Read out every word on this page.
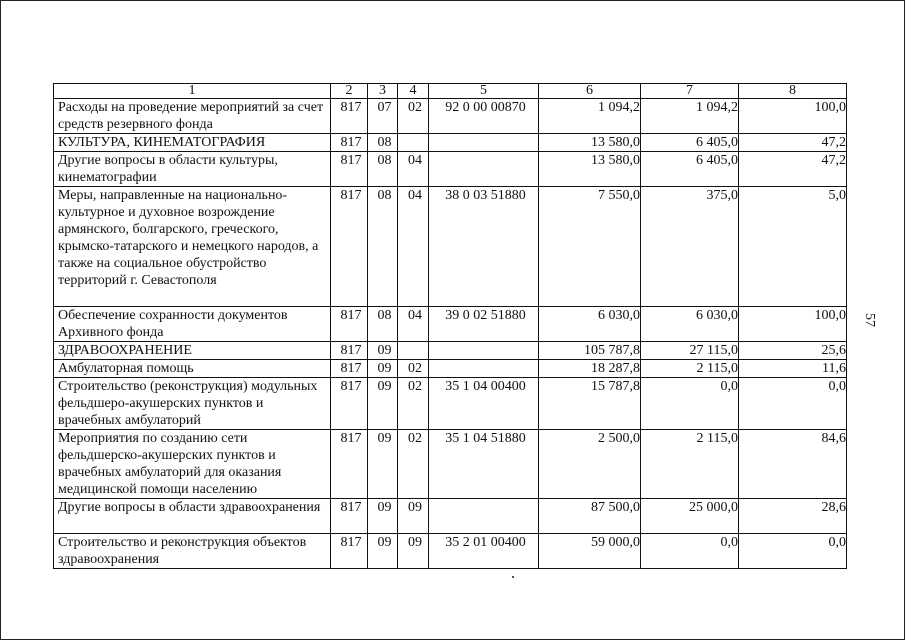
1	2	3	4	5	6	7	8
Расходы на проведение мероприятий за счет средств резервного фонда	817	07	02	92 0 00 00870	1 094,2	1 094,2	100,0
КУЛЬТУРА, КИНЕМАТОГРАФИЯ	817	08			13 580,0	6 405,0	47,2
Другие вопросы в области культуры, кинематографии	817	08	04		13 580,0	6 405,0	47,2
Меры, направленные на национально-культурное и духовное возрождение армянского, болгарского, греческого, крымско-татарского и немецкого народов, а также на социальное обустройство территорий г. Севастополя	817	08	04	38 0 03 51880	7 550,0	375,0	5,0
Обеспечение сохранности документов Архивного фонда	817	08	04	39 0 02 51880	6 030,0	6 030,0	100,0
ЗДРАВООХРАНЕНИЕ	817	09			105 787,8	27 115,0	25,6
Амбулаторная помощь	817	09	02		18 287,8	2 115,0	11,6
Строительство (реконструкция) модульных фельдшеро-акушерских пунктов и врачебных амбулаторий	817	09	02	35 1 04 00400	15 787,8	0,0	0,0
Мероприятия по созданию сети фельдшерско-акушерских пунктов и врачебных амбулаторий для оказания медицинской помощи населению	817	09	02	35 1 04 51880	2 500,0	2 115,0	84,6
Другие вопросы в области здравоохранения	817	09	09		87 500,0	25 000,0	28,6
Строительство и реконструкция объектов здравоохранения	817	09	09	35 2 01 00400	59 000,0	0,0	0,0
57
